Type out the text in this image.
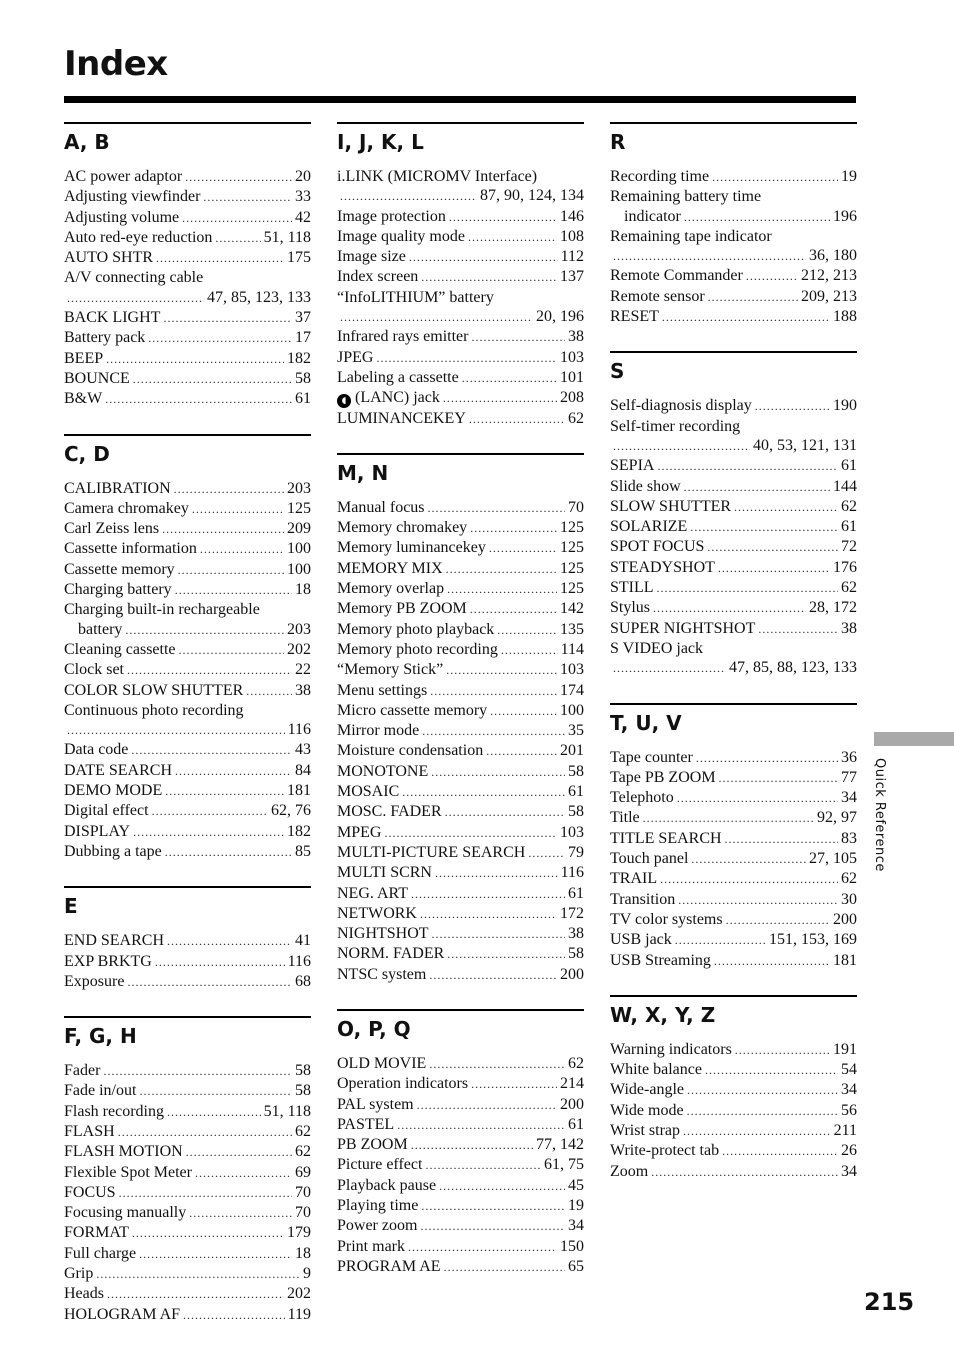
Index
A, B
AC power adaptor .....	20
Adjusting viewfinder .....	33
Adjusting volume .....	42
Auto red-eye reduction .....	51, 118
AUTO SHTR .....	175
A/V connecting cable
.....
47, 85, 123, 133
BACK LIGHT .....	37
Battery pack .....	17
BEEP .....	182
BOUNCE .....	58
B&W .....	61
C, D
CALIBRATION .....	203
Camera chromakey .....	125
Carl Zeiss lens .....	209
Cassette information .....	100
Cassette memory .....	100
Charging battery .....	18
Charging built-in rechargeable
battery .....	203
Cleaning cassette .....	202
Clock set .....	22
COLOR SLOW SHUTTER .....	38
Continuous photo recording
.....
116
Data code .....	43
DATE SEARCH .....	84
DEMO MODE .....	181
Digital effect .....	62, 76
DISPLAY .....	182
Dubbing a tape .....	85
E
END SEARCH .....	41
EXP BRKTG .....	116
Exposure .....	68
F, G, H
Fader .....	58
Fade in/out .....	58
Flash recording .....	51, 118
FLASH .....	62
FLASH MOTION .....	62
Flexible Spot Meter .....	69
FOCUS .....	70
Focusing manually .....	70
FORMAT .....	179
Full charge .....	18
Grip .....	9
Heads .....	202
HOLOGRAM AF .....	119
I, J, K, L
i.LINK (MICROMV Interface)
.....
87, 90, 124, 134
Image protection .....	146
Image quality mode .....	108
Image size .....	112
Index screen .....	137
“InfoLITHIUM” battery
.....
20, 196
Infrared rays emitter .....	38
JPEG .....	103
Labeling a cassette .....	101
◖ (LANC) jack .....	208
LUMINANCEKEY .....	62
M, N
Manual focus .....	70
Memory chromakey .....	125
Memory luminancekey .....	125
MEMORY MIX .....	125
Memory overlap .....	125
Memory PB ZOOM .....	142
Memory photo playback .....	135
Memory photo recording .....	114
“Memory Stick” .....	103
Menu settings .....	174
Micro cassette memory .....	100
Mirror mode .....	35
Moisture condensation .....	201
MONOTONE .....	58
MOSAIC .....	61
MOSC. FADER .....	58
MPEG .....	103
MULTI-PICTURE SEARCH .....	79
MULTI SCRN .....	116
NEG. ART .....	61
NETWORK .....	172
NIGHTSHOT .....	38
NORM. FADER .....	58
NTSC system .....	200
O, P, Q
OLD MOVIE .....	62
Operation indicators .....	214
PAL system .....	200
PASTEL .....	61
PB ZOOM .....	77, 142
Picture effect .....	61, 75
Playback pause .....	45
Playing time .....	19
Power zoom .....	34
Print mark .....	150
PROGRAM AE .....	65
R
Recording time .....	19
Remaining battery time
indicator .....	196
Remaining tape indicator
.....
36, 180
Remote Commander .....	212, 213
Remote sensor .....	209, 213
RESET .....	188
S
Self-diagnosis display .....	190
Self-timer recording
.....
40, 53, 121, 131
SEPIA .....	61
Slide show .....	144
SLOW SHUTTER .....	62
SOLARIZE .....	61
SPOT FOCUS .....	72
STEADYSHOT .....	176
STILL .....	62
Stylus .....	28, 172
SUPER NIGHTSHOT .....	38
S VIDEO jack
.....
47, 85, 88, 123, 133
T, U, V
Tape counter .....	36
Tape PB ZOOM .....	77
Telephoto .....	34
Title .....	92, 97
TITLE SEARCH .....	83
Touch panel .....	27, 105
TRAIL .....	62
Transition .....	30
TV color systems .....	200
USB jack .....	151, 153, 169
USB Streaming .....	181
W, X, Y, Z
Warning indicators .....	191
White balance .....	54
Wide-angle .....	34
Wide mode .....	56
Wrist strap .....	211
Write-protect tab .....	26
Zoom .....	34
Quick Reference
215
